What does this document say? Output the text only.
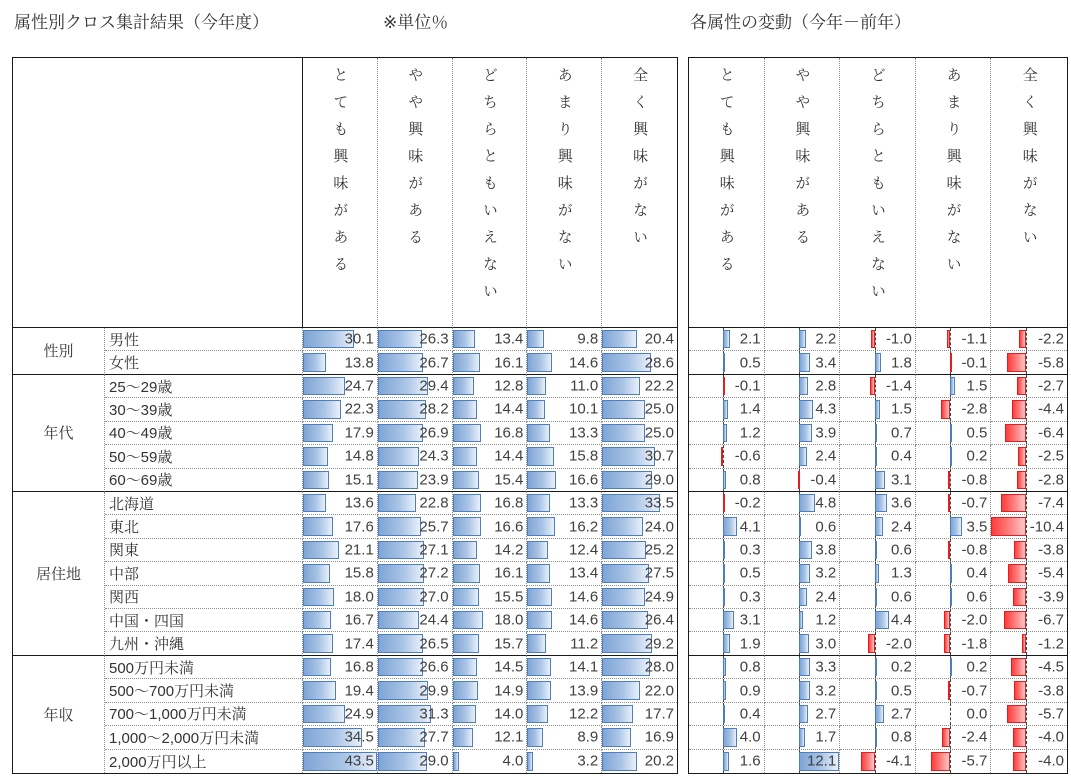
属性別クロス集計結果（今年度）	※単位％	各属性の変動（今年－前年）
とても興味がある	やや興味がある	どちらともいえない	あまり興味がない	全く興味がない
性別
年代
居住地
年収
男性	30.1	26.3	13.4	9.8	20.4
女性	13.8	26.7	16.1	14.6	28.6
25～29歳	24.7	29.4	12.8	11.0	22.2
30～39歳	22.3	28.2	14.4	10.1	25.0
40～49歳	17.9	26.9	16.8	13.3	25.0
50～59歳	14.8	24.3	14.4	15.8	30.7
60～69歳	15.1	23.9	15.4	16.6	29.0
北海道	13.6	22.8	16.8	13.3	33.5
東北	17.6	25.7	16.6	16.2	24.0
関東	21.1	27.1	14.2	12.4	25.2
中部	15.8	27.2	16.1	13.4	27.5
関西	18.0	27.0	15.5	14.6	24.9
中国・四国	16.7	24.4	18.0	14.6	26.4
九州・沖縄	17.4	26.5	15.7	11.2	29.2
500万円未満	16.8	26.6	14.5	14.1	28.0
500～700万円未満	19.4	29.9	14.9	13.9	22.0
700～1,000万円未満	24.9	31.3	14.0	12.2	17.7
1,000～2,000万円未満	34.5	27.7	12.1	8.9	16.9
2,000万円以上	43.5	29.0	4.0	3.2	20.2
とても興味がある	やや興味がある	どちらともいえない	あまり興味がない	全く興味がない
2.1	2.2	-1.0	-1.1	-2.2
0.5	3.4	1.8	-0.1	-5.8
-0.1	2.8	-1.4	1.5	-2.7
1.4	4.3	1.5	-2.8	-4.4
1.2	3.9	0.7	0.5	-6.4
-0.6	2.4	0.4	0.2	-2.5
0.8	-0.4	3.1	-0.8	-2.8
-0.2	4.8	3.6	-0.7	-7.4
4.1	0.6	2.4	3.5	-10.4
0.3	3.8	0.6	-0.8	-3.8
0.5	3.2	1.3	0.4	-5.4
0.3	2.4	0.6	0.6	-3.9
3.1	1.2	4.4	-2.0	-6.7
1.9	3.0	-2.0	-1.8	-1.2
0.8	3.3	0.2	0.2	-4.5
0.9	3.2	0.5	-0.7	-3.8
0.4	2.7	2.7	0.0	-5.7
4.0	1.7	0.8	-2.4	-4.0
1.6	12.1	-4.1	-5.7	-4.0
